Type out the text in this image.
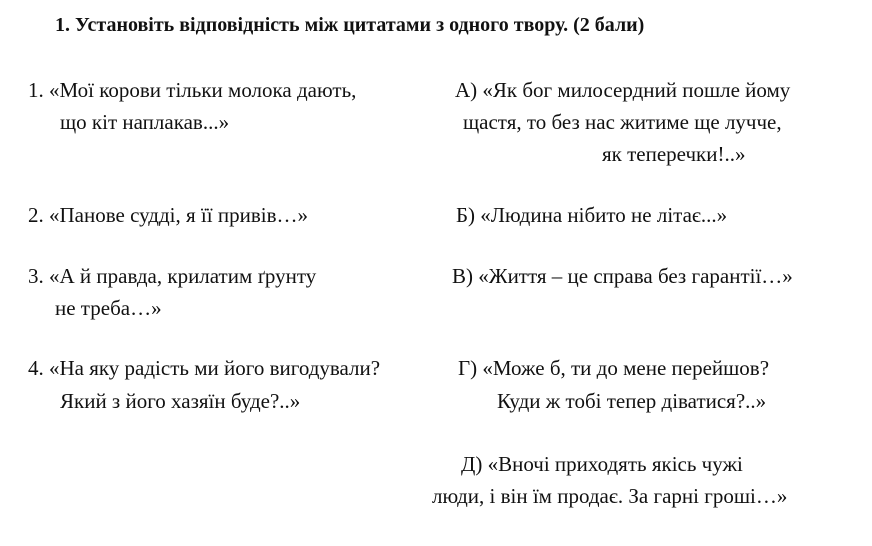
1. Установіть відповідність між цитатами з одного твору. (2 бали)
1. «Мої корови тільки молока дають,
що кіт наплакав...»
2. «Панове судді, я її привів…»
3. «А й правда, крилатим ґрунту
не треба…»
4. «На яку радість ми його вигодували?
Який з його хазяїн буде?..»
А) «Як бог милосердний пошле йому
щастя, то без нас житиме ще лучче,
як теперечки!..»
Б) «Людина нібито не літає...»
В) «Життя – це справа без гарантії…»
Г) «Може б, ти до мене перейшов?
Куди ж тобі тепер діватися?..»
Д) «Вночі приходять якісь чужі
люди, і він їм продає. За гарні гроші…»
